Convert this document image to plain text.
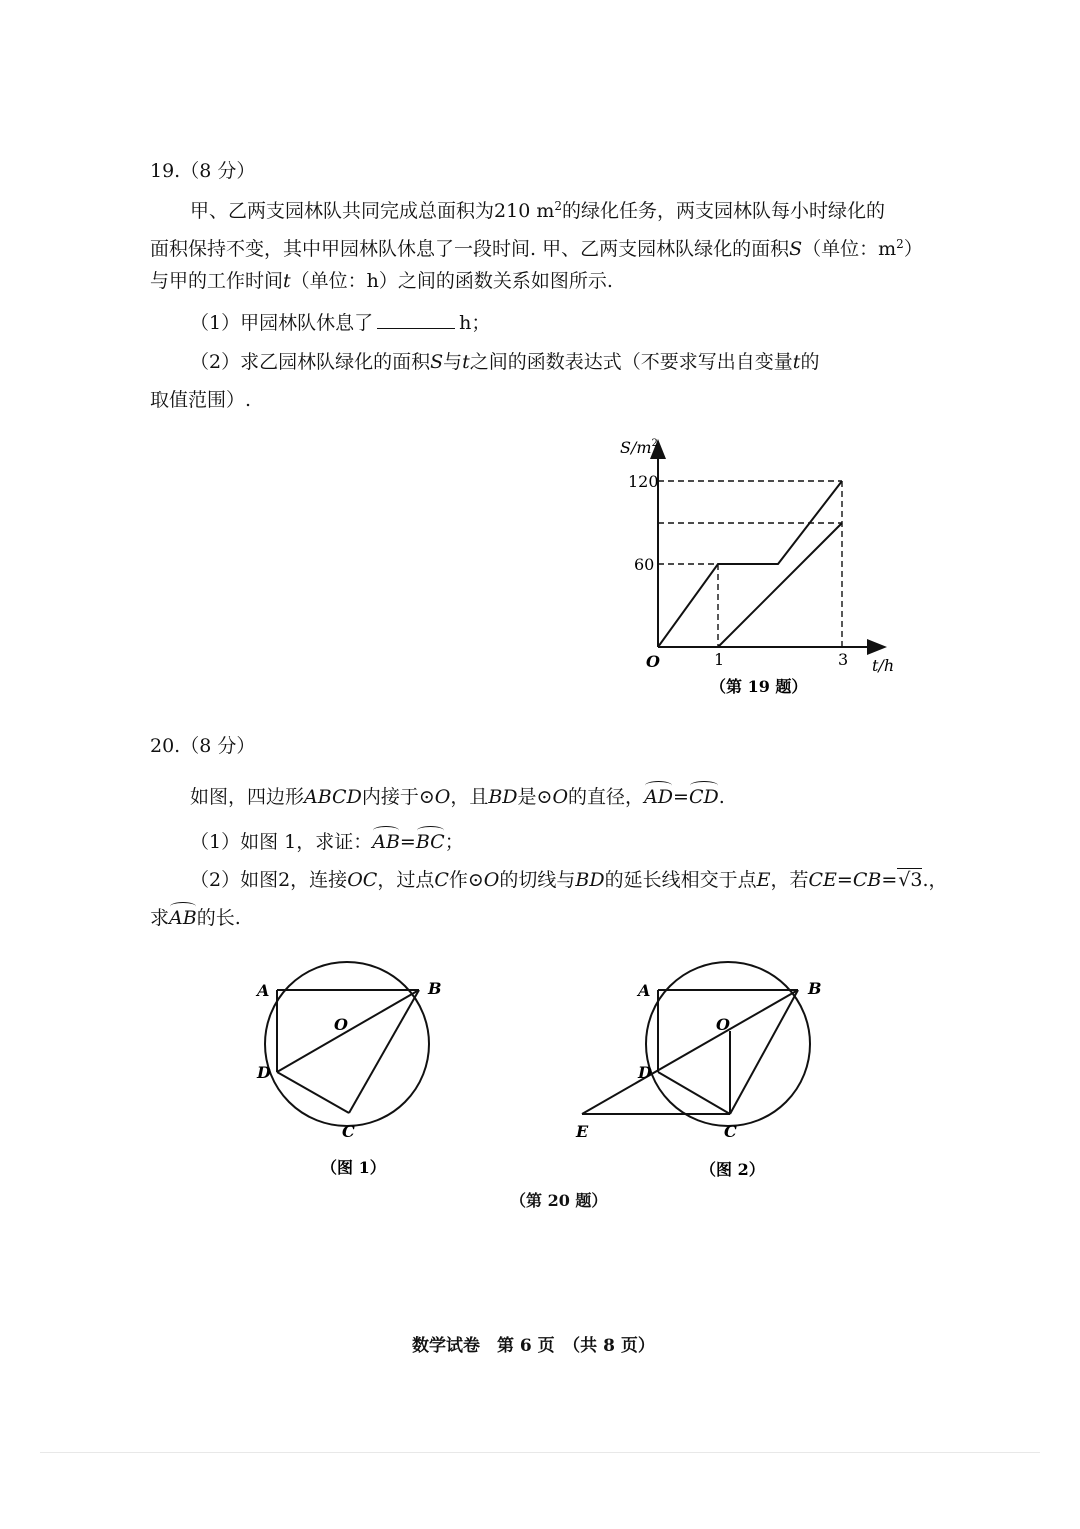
19.（8 分）
甲、乙两支园林队共同完成总面积为210 $m^2$的绿化任务，两支园林队每小时绿化的
面积保持不变，其中甲园林队休息了一段时间. 甲、乙两支园林队绿化的面积S（单位：$m^2$）
与甲的工作时间t（单位：h）之间的函数关系如图所示.
（1）甲园林队休息了	h；
（2）求乙园林队绿化的面积S与t之间的函数表达式（不要求写出自变量t的
取值范围）.
$S/m^2$
120
60
O	1	3 t/h
（第 19 题）
20.（8 分）
如图，四边形ABCD内接于⊙O，且BD是⊙O的直径，AD=CD.
（1）如图 1，求证：AB=BC；
（2）如图2，连接OC，过点C作⊙O的切线与BD的延长线相交于点E，若CE=CB=√3.，
求AB的长.
A	B
D
C
O
（图 1）
A	B
D
C
E
O
（图 2）
（第 20 题）
数学试卷　第 6 页　（共 8 页）
